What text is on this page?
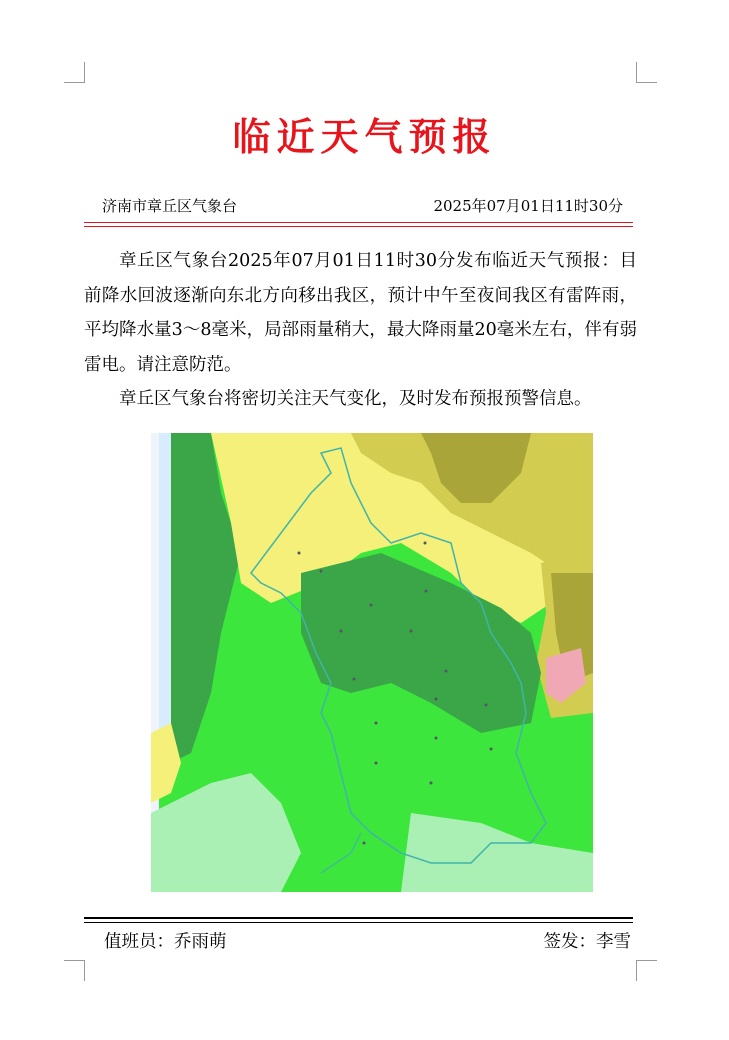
临近天气预报
济南市章丘区气象台	2025年07月01日11时30分

章丘区气象台2025年07月01日11时30分发布临近天气预报：目前降水回波逐渐向东北方向移出我区，预计中午至夜间我区有雷阵雨，平均降水量3～8毫米，局部雨量稍大，最大降雨量20毫米左右，伴有弱雷电。请注意防范。

章丘区气象台将密切关注天气变化，及时发布预报预警信息。

值班员：乔雨萌	签发：李雪
